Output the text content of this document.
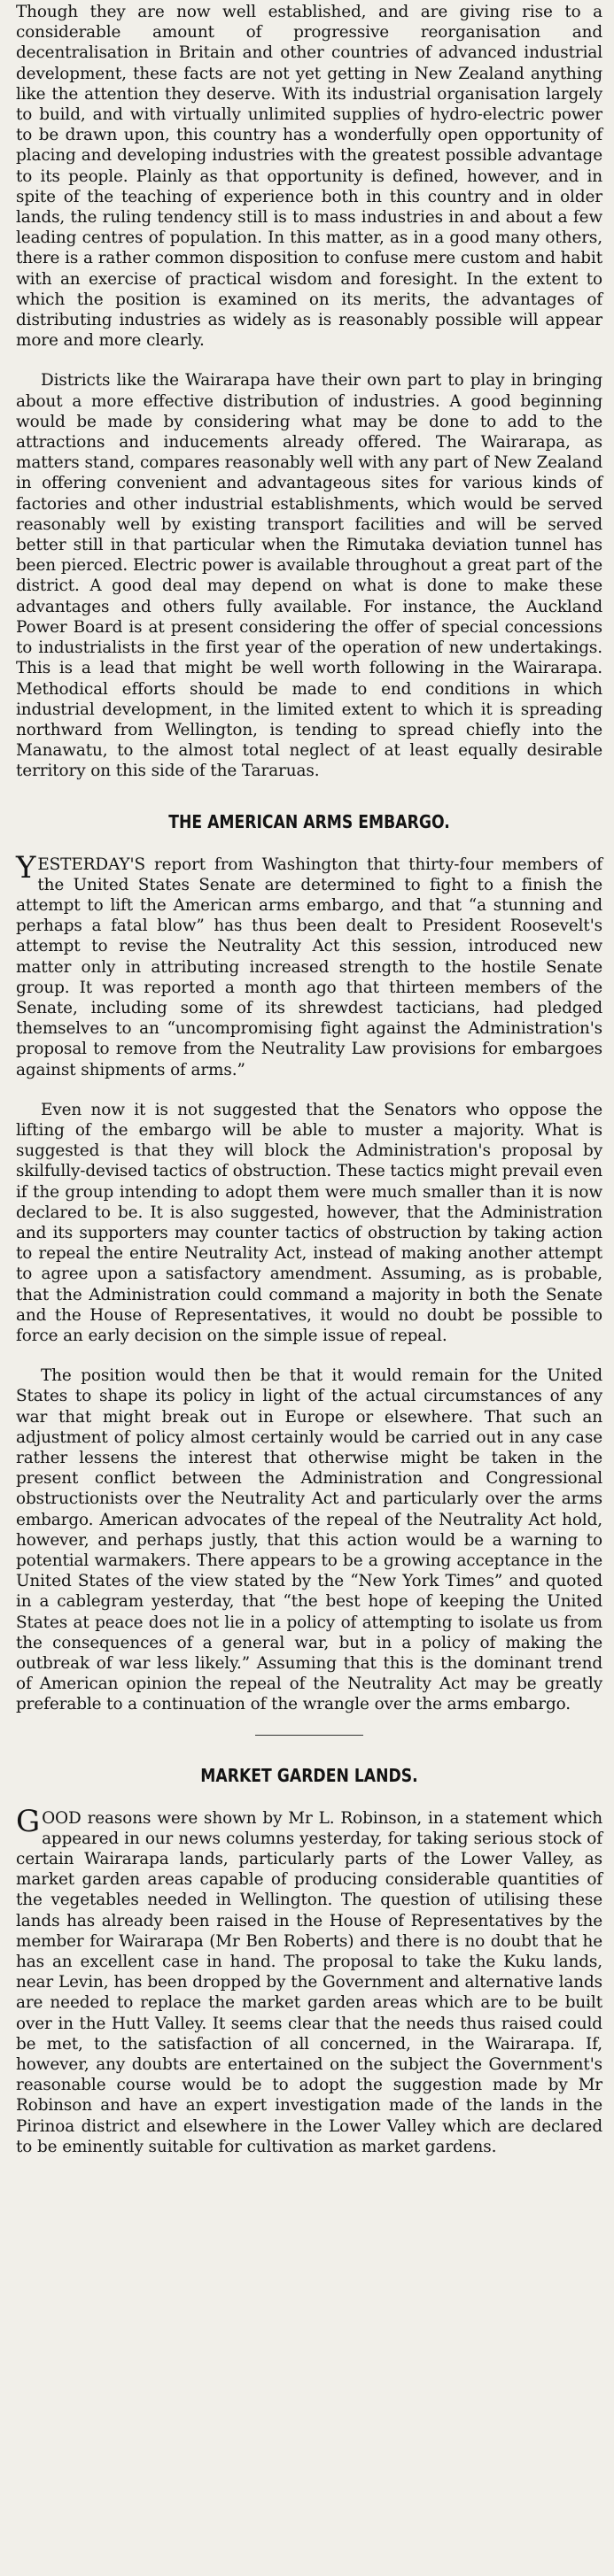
Though they are now well established, and are giving rise to a considerable amount of progressive reorganisation and decentralisation in Britain and other countries of advanced industrial development, these facts are not yet getting in New Zealand anything like the attention they deserve. With its industrial organisation largely to build, and with virtually unlimited supplies of hydro-electric power to be drawn upon, this country has a wonderfully open opportunity of placing and developing industries with the greatest possible advantage to its people. Plainly as that opportunity is defined, however, and in spite of the teaching of experience both in this country and in older lands, the ruling tendency still is to mass industries in and about a few leading centres of population. In this matter, as in a good many others, there is a rather common disposition to confuse mere custom and habit with an exercise of practical wisdom and foresight. In the extent to which the position is examined on its merits, the advantages of distributing industries as widely as is reasonably possible will appear more and more clearly.

Districts like the Wairarapa have their own part to play in bringing about a more effective distribution of industries. A good beginning would be made by considering what may be done to add to the attractions and inducements already offered. The Wairarapa, as matters stand, compares reasonably well with any part of New Zealand in offering convenient and advantageous sites for various kinds of factories and other industrial establishments, which would be served reasonably well by existing transport facilities and will be served better still in that particular when the Rimutaka deviation tunnel has been pierced. Electric power is available throughout a great part of the district. A good deal may depend on what is done to make these advantages and others fully available. For instance, the Auckland Power Board is at present considering the offer of special concessions to industrialists in the first year of the operation of new undertakings. This is a lead that might be well worth following in the Wairarapa. Methodical efforts should be made to end conditions in which industrial development, in the limited extent to which it is spreading northward from Wellington, is tending to spread chiefly into the Manawatu, to the almost total neglect of at least equally desirable territory on this side of the Tararuas.

THE AMERICAN ARMS EMBARGO.

YESTERDAY'S report from Washington that thirty-four members of the United States Senate are determined to fight to a finish the attempt to lift the American arms embargo, and that “a stunning and perhaps a fatal blow” has thus been dealt to President Roosevelt's attempt to revise the Neutrality Act this session, introduced new matter only in attributing increased strength to the hostile Senate group. It was reported a month ago that thirteen members of the Senate, including some of its shrewdest tacticians, had pledged themselves to an “uncompromising fight against the Administration's proposal to remove from the Neutrality Law provisions for embargoes against shipments of arms.”

Even now it is not suggested that the Senators who oppose the lifting of the embargo will be able to muster a majority. What is suggested is that they will block the Administration's proposal by skilfully-devised tactics of obstruction. These tactics might prevail even if the group intending to adopt them were much smaller than it is now declared to be. It is also suggested, however, that the Administration and its supporters may counter tactics of obstruction by taking action to repeal the entire Neutrality Act, instead of making another attempt to agree upon a satisfactory amendment. Assuming, as is probable, that the Administration could command a majority in both the Senate and the House of Representatives, it would no doubt be possible to force an early decision on the simple issue of repeal.

The position would then be that it would remain for the United States to shape its policy in light of the actual circumstances of any war that might break out in Europe or elsewhere. That such an adjustment of policy almost certainly would be carried out in any case rather lessens the interest that otherwise might be taken in the present conflict between the Administration and Congressional obstructionists over the Neutrality Act and particularly over the arms embargo. American advocates of the repeal of the Neutrality Act hold, however, and perhaps justly, that this action would be a warning to potential warmakers. There appears to be a growing acceptance in the United States of the view stated by the “New York Times” and quoted in a cablegram yesterday, that “the best hope of keeping the United States at peace does not lie in a policy of attempting to isolate us from the consequences of a general war, but in a policy of making the outbreak of war less likely.” Assuming that this is the dominant trend of American opinion the repeal of the Neutrality Act may be greatly preferable to a continuation of the wrangle over the arms embargo.

MARKET GARDEN LANDS.

GOOD reasons were shown by Mr L. Robinson, in a statement which appeared in our news columns yesterday, for taking serious stock of certain Wairarapa lands, particularly parts of the Lower Valley, as market garden areas capable of producing considerable quantities of the vegetables needed in Wellington. The question of utilising these lands has already been raised in the House of Representatives by the member for Wairarapa (Mr Ben Roberts) and there is no doubt that he has an excellent case in hand. The proposal to take the Kuku lands, near Levin, has been dropped by the Government and alternative lands are needed to replace the market garden areas which are to be built over in the Hutt Valley. It seems clear that the needs thus raised could be met, to the satisfaction of all concerned, in the Wairarapa. If, however, any doubts are entertained on the subject the Government's reasonable course would be to adopt the suggestion made by Mr Robinson and have an expert investigation made of the lands in the Pirinoa district and elsewhere in the Lower Valley which are declared to be eminently suitable for cultivation as market gardens.
